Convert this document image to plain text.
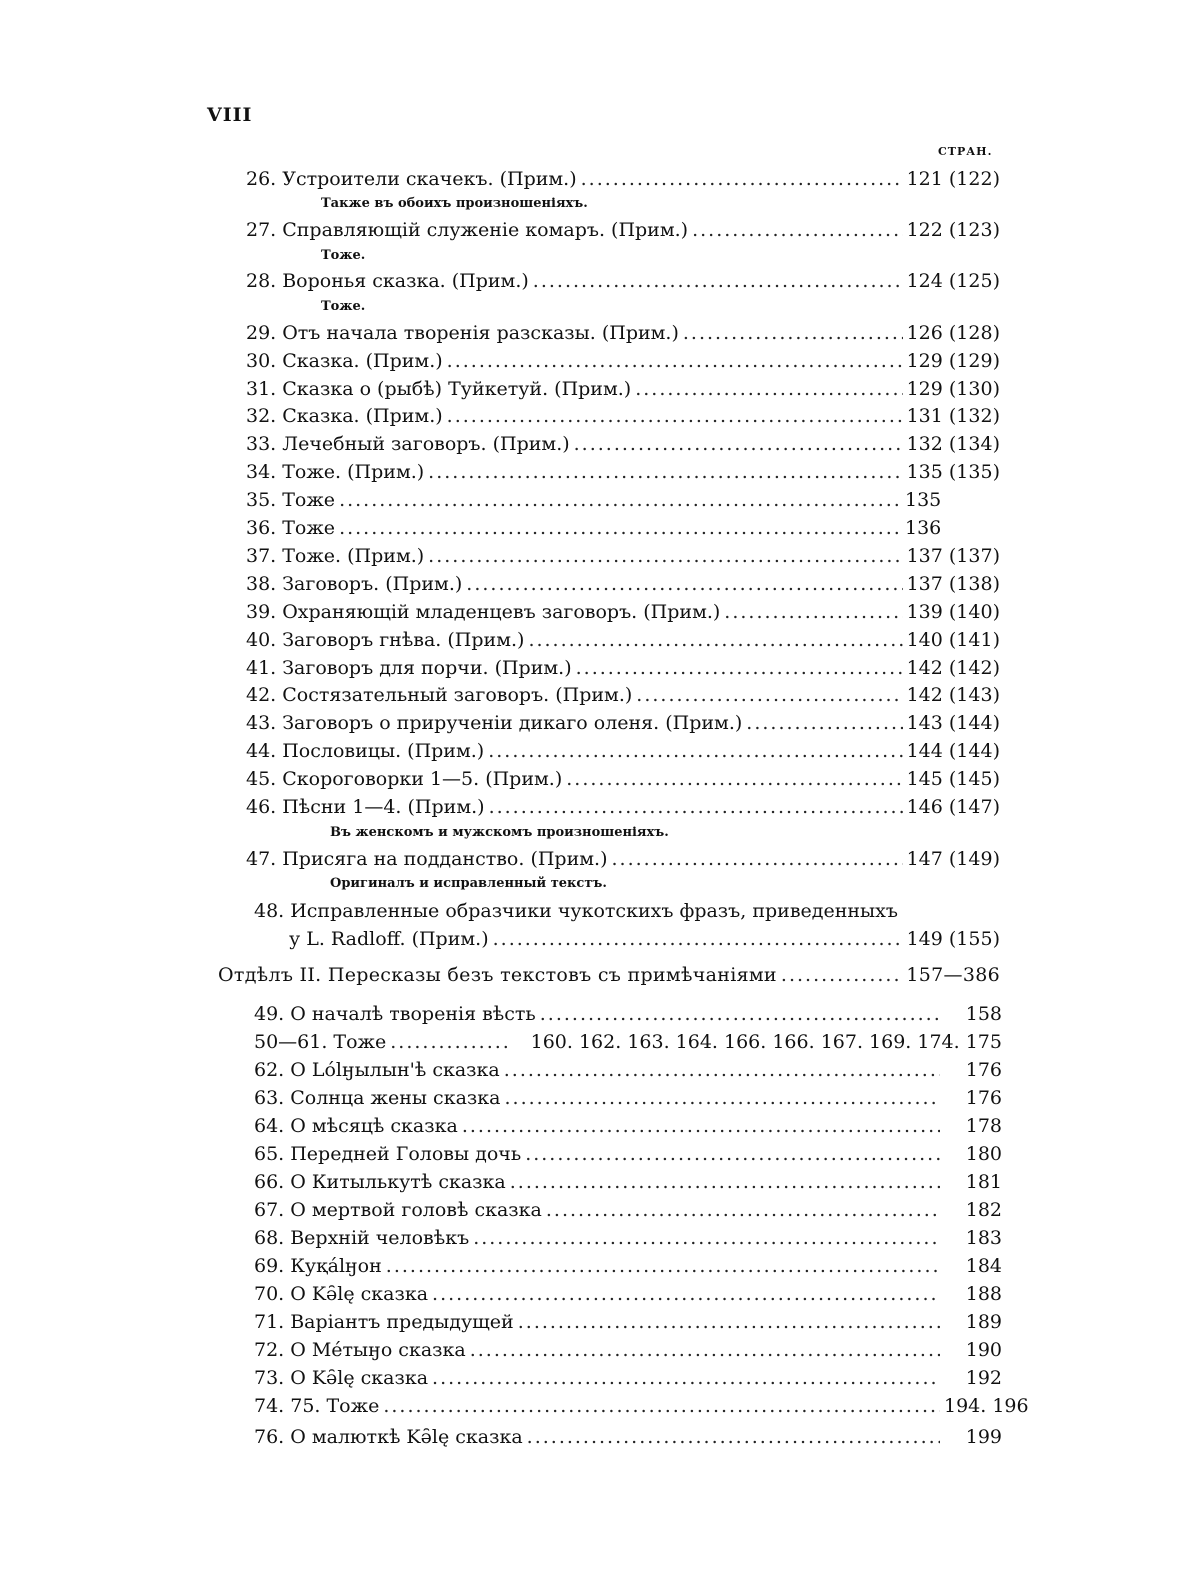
VIII
СТРАН.
26. Устроители скачекъ. (Прим.) .....	121 (122)
27. Справляющій служеніе комаръ. (Прим.) .....	122 (123)
28. Воронья сказка. (Прим.) .....	124 (125)
29. Отъ начала творенія разсказы. (Прим.) .....	126 (128)
30. Сказка. (Прим.) .....	129 (129)
31. Сказка о (рыбѣ) Туйкетуй. (Прим.) .....	129 (130)
32. Сказка. (Прим.) .....	131 (132)
33. Лечебный заговоръ. (Прим.) .....	132 (134)
34. Тоже. (Прим.) .....	135 (135)
35. Тоже .....	135
36. Тоже .....	136
37. Тоже. (Прим.) .....	137 (137)
38. Заговоръ. (Прим.) .....	137 (138)
39. Охраняющій младенцевъ заговоръ. (Прим.) .....	139 (140)
40. Заговоръ гнѣва. (Прим.) .....	140 (141)
41. Заговоръ для порчи. (Прим.) .....	142 (142)
42. Состязательный заговоръ. (Прим.) .....	142 (143)
43. Заговоръ о прирученіи дикаго оленя. (Прим.) .....	143 (144)
44. Пословицы. (Прим.) .....	144 (144)
45. Скороговорки 1—5. (Прим.) .....	145 (145)
46. Пѣсни 1—4. (Прим.) .....	146 (147)
47. Присяга на подданство. (Прим.) .....	147 (149)
Также въ обоихъ произношеніяхъ.
Тоже.
Тоже.
Въ женскомъ и мужскомъ произношеніяхъ.
Оригиналъ и исправленный текстъ.
48. Исправленные образчики чукотскихъ фразъ, приведенныхъ
у L. Radloff. (Прим.) .....	149 (155)
Отдѣлъ II. Пересказы безъ текстовъ съ примѣчаніями .....	157—386
49. О началѣ творенія вѣсть .....	158
50—61. Тоже .....	160. 162. 163. 164. 166. 166. 167. 169. 174. 175
62. О Lólӈылын'ѣ сказка .....	176
63. Солнца жены сказка .....	176
64. О мѣсяцѣ сказка .....	178
65. Передней Головы дочь .....	180
66. О Китылькутѣ сказка .....	181
67. О мертвой головѣ сказка .....	182
68. Верхній человѣкъ .....	183
69. Куқálӈон .....	184
70. О Kə̑lę сказка .....	188
71. Варіантъ предыдущей .....	189
72. О Ме́тыӈо сказка .....	190
73. О Kə̑lę сказка .....	192
74. 75. Тоже .....	194. 196
76. О малюткѣ Kə̑lę сказка .....	199
